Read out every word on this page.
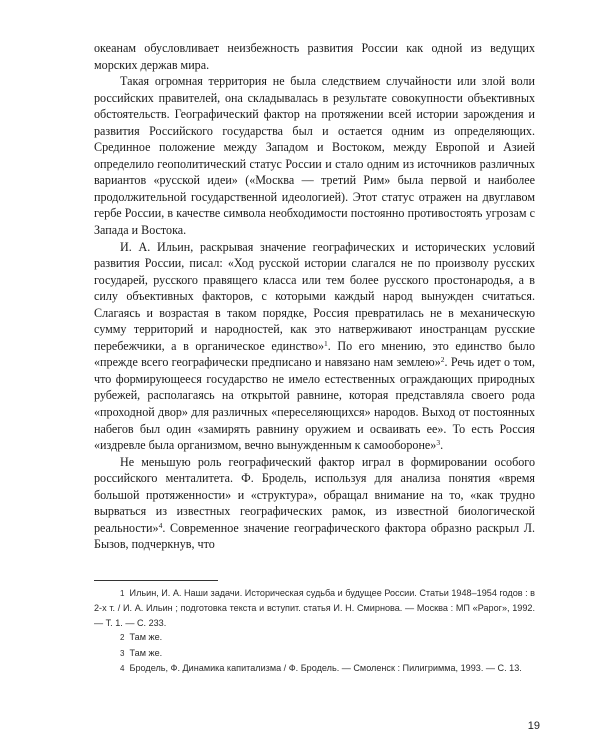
океанам обусловливает неизбежность развития России как одной из ведущих морских держав мира.

Такая огромная территория не была следствием случайности или злой воли российских правителей, она складывалась в результате совокупности объективных обстоятельств. Географический фактор на протяжении всей истории зарождения и развития Российского государства был и остается одним из определяющих. Срединное положение между Западом и Востоком, между Европой и Азией определило геополитический статус России и стало одним из источников различных вариантов «русской идеи» («Москва — третий Рим» была первой и наиболее продолжительной государственной идеологией). Этот статус отражен на двуглавом гербе России, в качестве символа необходимости постоянно противостоять угрозам с Запада и Востока.

И. А. Ильин, раскрывая значение географических и исторических условий развития России, писал: «Ход русской истории слагался не по произволу русских государей, русского правящего класса или тем более русского простонародья, а в силу объективных факторов, с которыми каждый народ вынужден считаться. Слагаясь и возрастая в таком порядке, Россия превратилась не в механическую сумму территорий и народностей, как это натверживают иностранцам русские перебежчики, а в органическое единство»$^1$. По его мнению, это единство было «прежде всего географически предписано и навязано нам землею»$^2$. Речь идет о том, что формирующееся государство не имело естественных ограждающих природных рубежей, располагаясь на открытой равнине, которая представляла своего рода «проходной двор» для различных «переселяющихся» народов. Выход от постоянных набегов был один «замирять равнину оружием и осваивать ее». То есть Россия «издревле была организмом, вечно вынужденным к самообороне»$^3$.

Не меньшую роль географический фактор играл в формировании особого российского менталитета. Ф. Бродель, используя для анализа понятия «время большой протяженности» и «структура», обращал внимание на то, «как трудно вырваться из известных географических рамок, из известной биологической реальности»$^4$. Современное значение географического фактора образно раскрыл Л. Бызов, подчеркнув, что

1 Ильин, И. А. Наши задачи. Историческая судьба и будущее России. Статьи 1948–1954 годов : в 2-х т. / И. А. Ильин ; подготовка текста и вступит. статья И. Н. Смирнова. — Москва : МП «Рарог», 1992. — Т. 1. — С. 233.

2 Там же.

3 Там же.

4 Бродель, Ф. Динамика капитализма / Ф. Бродель. — Смоленск : Пилигримма, 1993. — С. 13.

19
